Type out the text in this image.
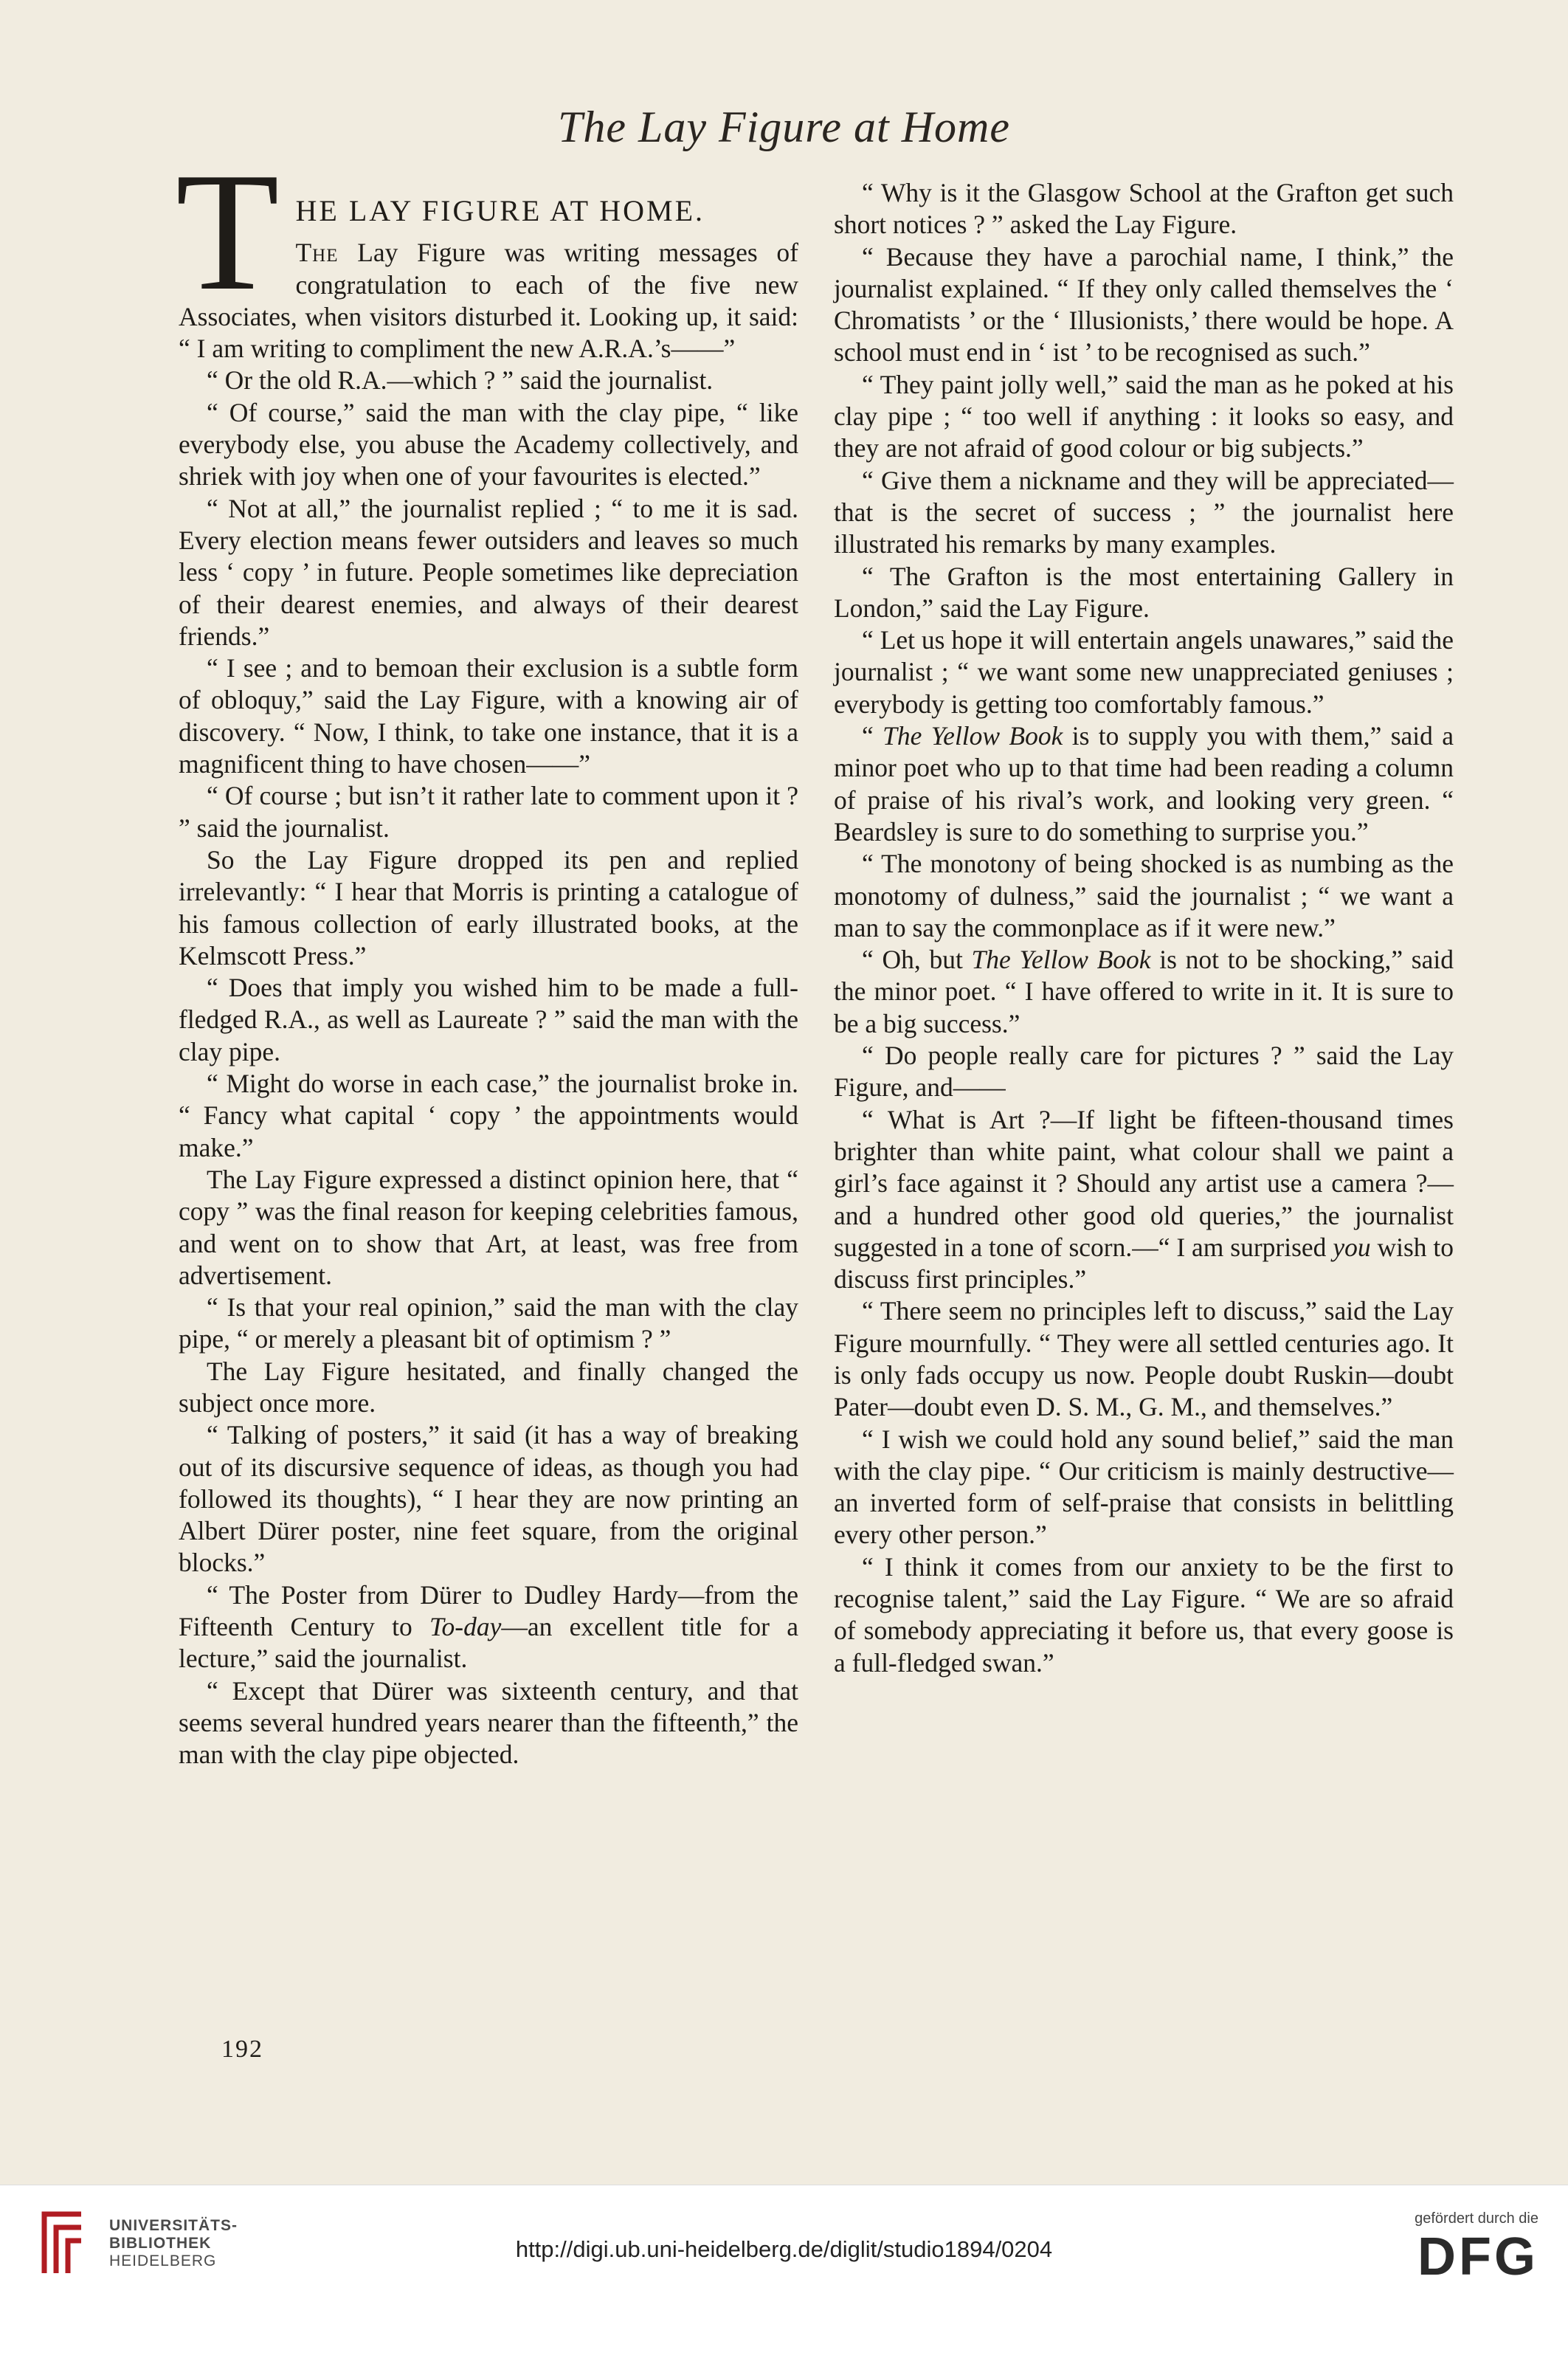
The Lay Figure at Home
T HE LAY FIGURE AT HOME.

The Lay Figure was writing messages of congratulation to each of the five new Associates, when visitors disturbed it. Looking up, it said: “ I am writing to compliment the new A.R.A.’s——”

“ Or the old R.A.—which ? ” said the journalist.

“ Of course,” said the man with the clay pipe, “ like everybody else, you abuse the Academy collectively, and shriek with joy when one of your favourites is elected.”

“ Not at all,” the journalist replied ; “ to me it is sad. Every election means fewer outsiders and leaves so much less ‘ copy ’ in future. People sometimes like depreciation of their dearest enemies, and always of their dearest friends.”

“ I see ; and to bemoan their exclusion is a subtle form of obloquy,” said the Lay Figure, with a knowing air of discovery. “ Now, I think, to take one instance, that it is a magnificent thing to have chosen——”

“ Of course ; but isn’t it rather late to comment upon it ? ” said the journalist.

So the Lay Figure dropped its pen and replied irrelevantly: “ I hear that Morris is printing a catalogue of his famous collection of early illustrated books, at the Kelmscott Press.”

“ Does that imply you wished him to be made a full-fledged R.A., as well as Laureate ? ” said the man with the clay pipe.

“ Might do worse in each case,” the journalist broke in. “ Fancy what capital ‘ copy ’ the appointments would make.”

The Lay Figure expressed a distinct opinion here, that “ copy ” was the final reason for keeping celebrities famous, and went on to show that Art, at least, was free from advertisement.

“ Is that your real opinion,” said the man with the clay pipe, “ or merely a pleasant bit of optimism ? ”

The Lay Figure hesitated, and finally changed the subject once more.

“ Talking of posters,” it said (it has a way of breaking out of its discursive sequence of ideas, as though you had followed its thoughts), “ I hear they are now printing an Albert Dürer poster, nine feet square, from the original blocks.”

“ The Poster from Dürer to Dudley Hardy—from the Fifteenth Century to To-day—an excellent title for a lecture,” said the journalist.

“ Except that Dürer was sixteenth century, and that seems several hundred years nearer than the fifteenth,” the man with the clay pipe objected.

“ Why is it the Glasgow School at the Grafton get such short notices ? ” asked the Lay Figure.

“ Because they have a parochial name, I think,” the journalist explained. “ If they only called themselves the ‘ Chromatists ’ or the ‘ Illusionists,’ there would be hope. A school must end in ‘ ist ’ to be recognised as such.”

“ They paint jolly well,” said the man as he poked at his clay pipe ; “ too well if anything : it looks so easy, and they are not afraid of good colour or big subjects.”

“ Give them a nickname and they will be appreciated—that is the secret of success ; ” the journalist here illustrated his remarks by many examples.

“ The Grafton is the most entertaining Gallery in London,” said the Lay Figure.

“ Let us hope it will entertain angels unawares,” said the journalist ; “ we want some new unappreciated geniuses ; everybody is getting too comfortably famous.”

“ The Yellow Book is to supply you with them,” said a minor poet who up to that time had been reading a column of praise of his rival’s work, and looking very green. “ Beardsley is sure to do something to surprise you.”

“ The monotony of being shocked is as numbing as the monotomy of dulness,” said the journalist ; “ we want a man to say the commonplace as if it were new.”

“ Oh, but The Yellow Book is not to be shocking,” said the minor poet. “ I have offered to write in it. It is sure to be a big success.”

“ Do people really care for pictures ? ” said the Lay Figure, and——

“ What is Art ?—If light be fifteen-thousand times brighter than white paint, what colour shall we paint a girl’s face against it ? Should any artist use a camera ?—and a hundred other good old queries,” the journalist suggested in a tone of scorn.—“ I am surprised you wish to discuss first principles.”

“ There seem no principles left to discuss,” said the Lay Figure mournfully. “ They were all settled centuries ago. It is only fads occupy us now. People doubt Ruskin—doubt Pater—doubt even D. S. M., G. M., and themselves.”

“ I wish we could hold any sound belief,” said the man with the clay pipe. “ Our criticism is mainly destructive—an inverted form of self-praise that consists in belittling every other person.”

“ I think it comes from our anxiety to be the first to recognise talent,” said the Lay Figure. “ We are so afraid of somebody appreciating it before us, that every goose is a full-fledged swan.”

192
UNIVERSITÄTS-
BIBLIOTHEK
HEIDELBERG	http://digi.ub.uni-heidelberg.de/diglit/studio1894/0204
gefördert durch die
DFG
